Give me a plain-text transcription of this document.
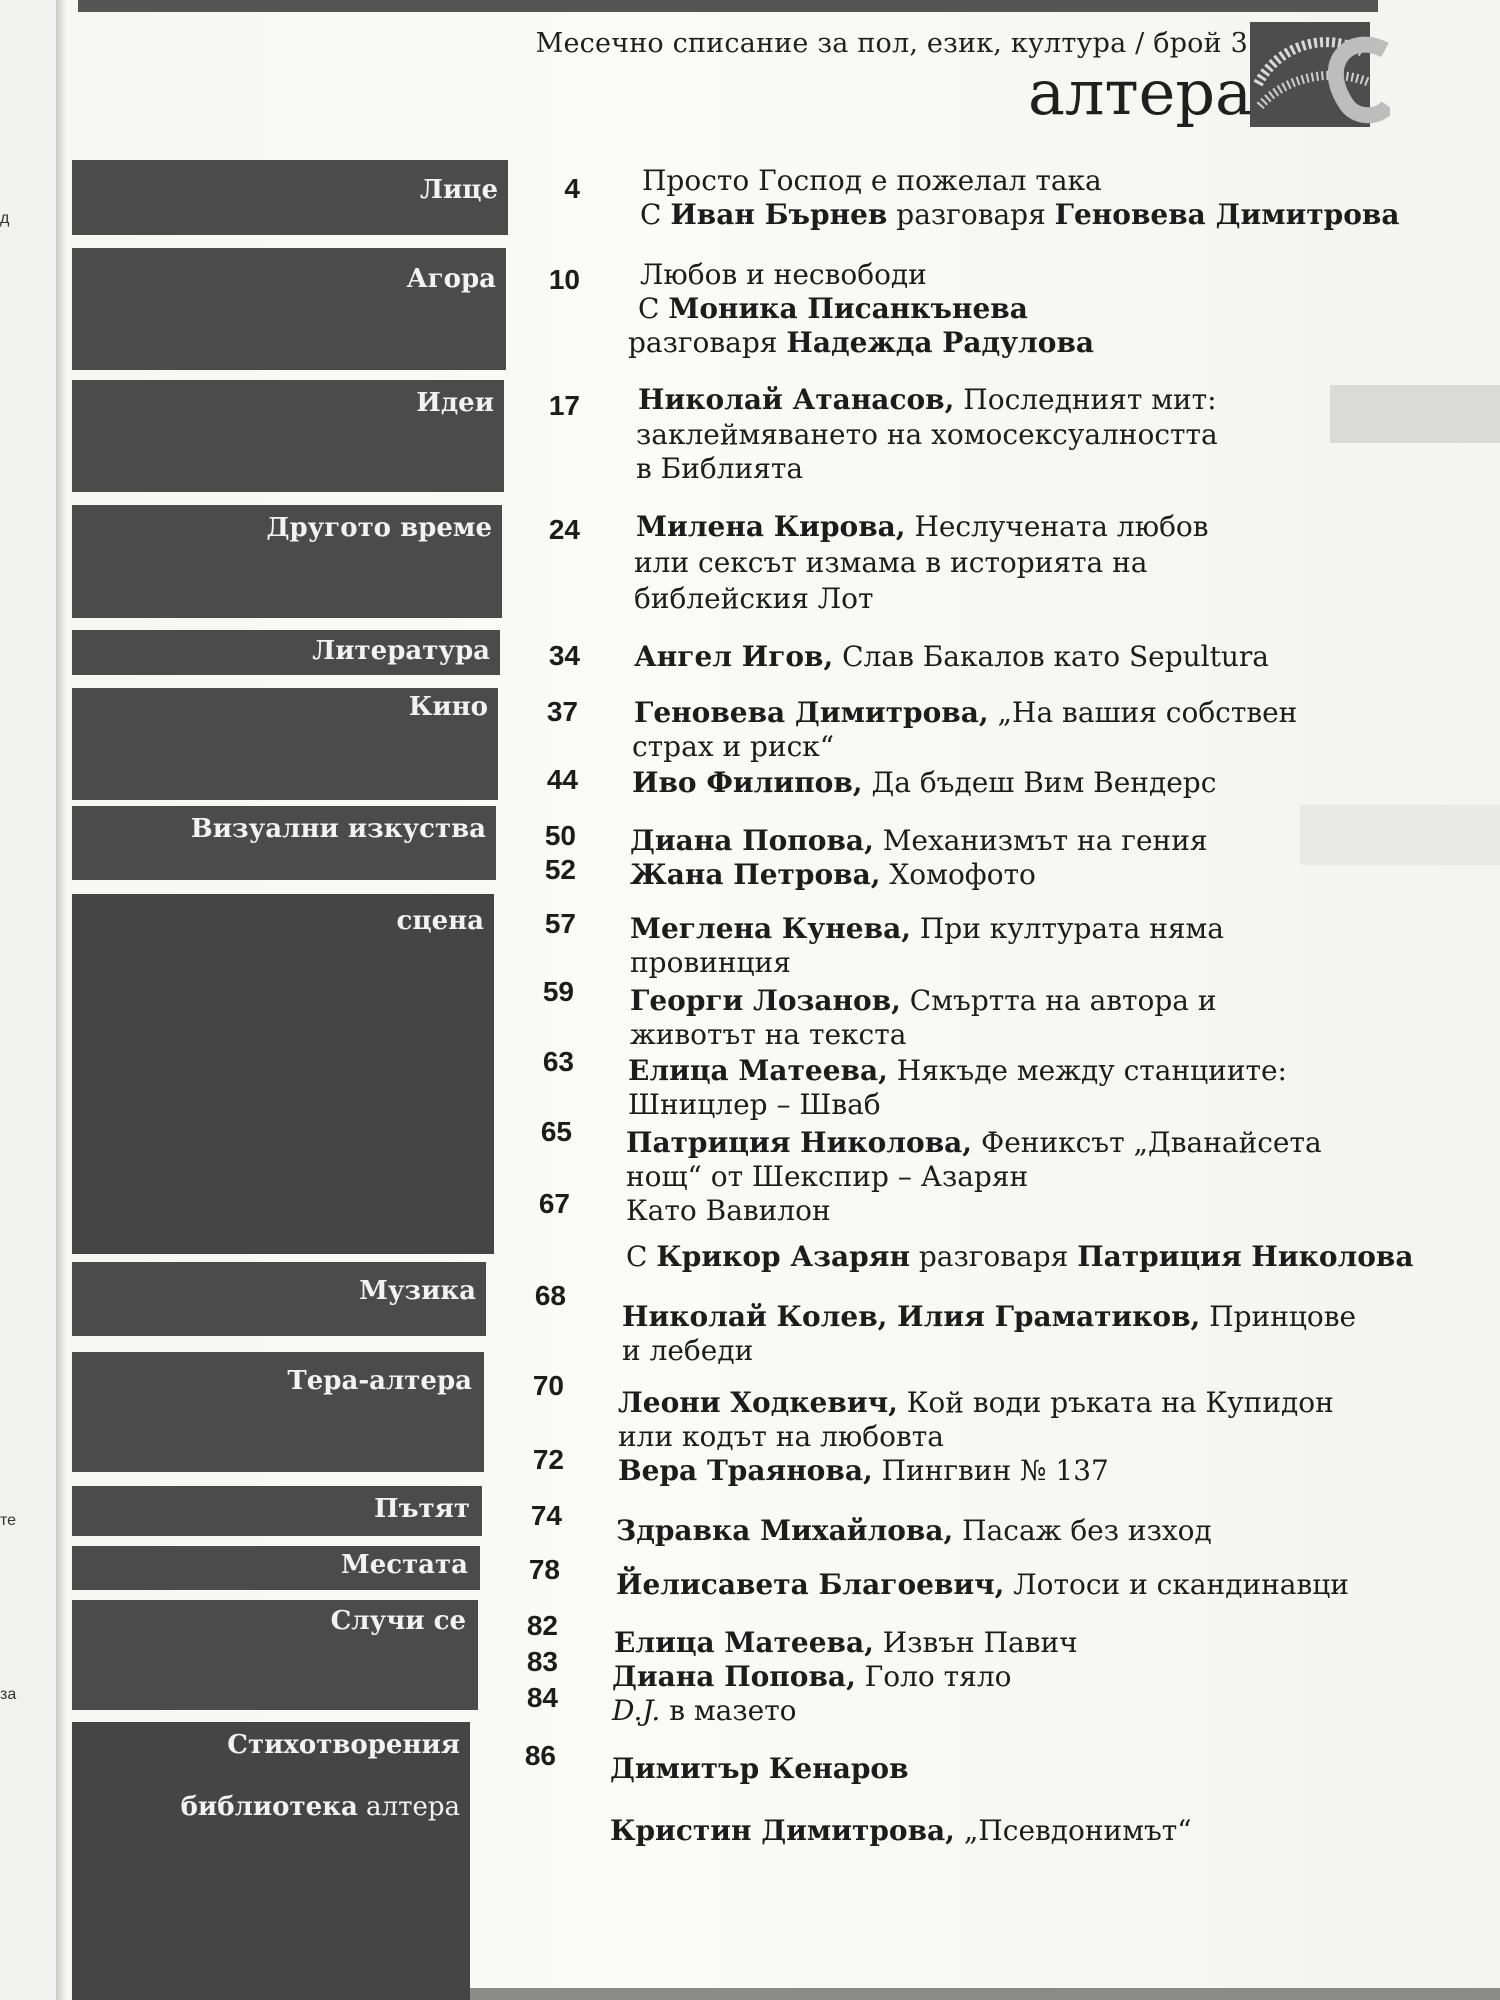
д
те
за
Месечно списание за пол, език, култура / брой 3
алтера
Лице
Агора
Идеи
Другото време
Литература
Кино
Визуални изкуства
сцена
Музика
Тера-алтера
Пътят
Местата
Случи се
Стихотворения
библиотека алтера
4 Просто Господ е пожелал така
С Иван Бърнев разговаря Геновева Димитрова
10 Любов и несвободи
С Моника Писанкънева
разговаря Надежда Радулова
17 Николай Атанасов, Последният мит:
заклеймяването на хомосексуалността
в Библията
24 Милена Кирова, Неслучената любов
или сексът измама в историята на
библейския Лот
34 Ангел Игов, Слав Бакалов като Sepultura
37 Геновева Димитрова, „На вашия собствен
страх и риск“
44 Иво Филипов, Да бъдеш Вим Вендерс
50 Диана Попова, Механизмът на гения
52 Жана Петрова, Хомофото
57 Меглена Кунева, При културата няма
провинция
59 Георги Лозанов, Смъртта на автора и
животът на текста
63 Елица Матеева, Някъде между станциите:
Шницлер – Шваб
65 Патриция Николова, Фениксът „Дванайсета
нощ“ от Шекспир – Азарян
67 Като Вавилон
С Крикор Азарян разговаря Патриция Николова
68
Николай Колев, Илия Граматиков, Принцове
и лебеди
70
Леони Ходкевич, Кой води ръката на Купидон
или кодът на любовта
72 Вера Траянова, Пингвин № 137
74 Здравка Михайлова, Пасаж без изход
78 Йелисавета Благоевич, Лотоси и скандинавци
82
Елица Матеева, Извън Павич
83 Диана Попова, Голо тяло
84 D.J. в мазето
86 Димитър Кенаров
Кристин Димитрова, „Псевдонимът“
